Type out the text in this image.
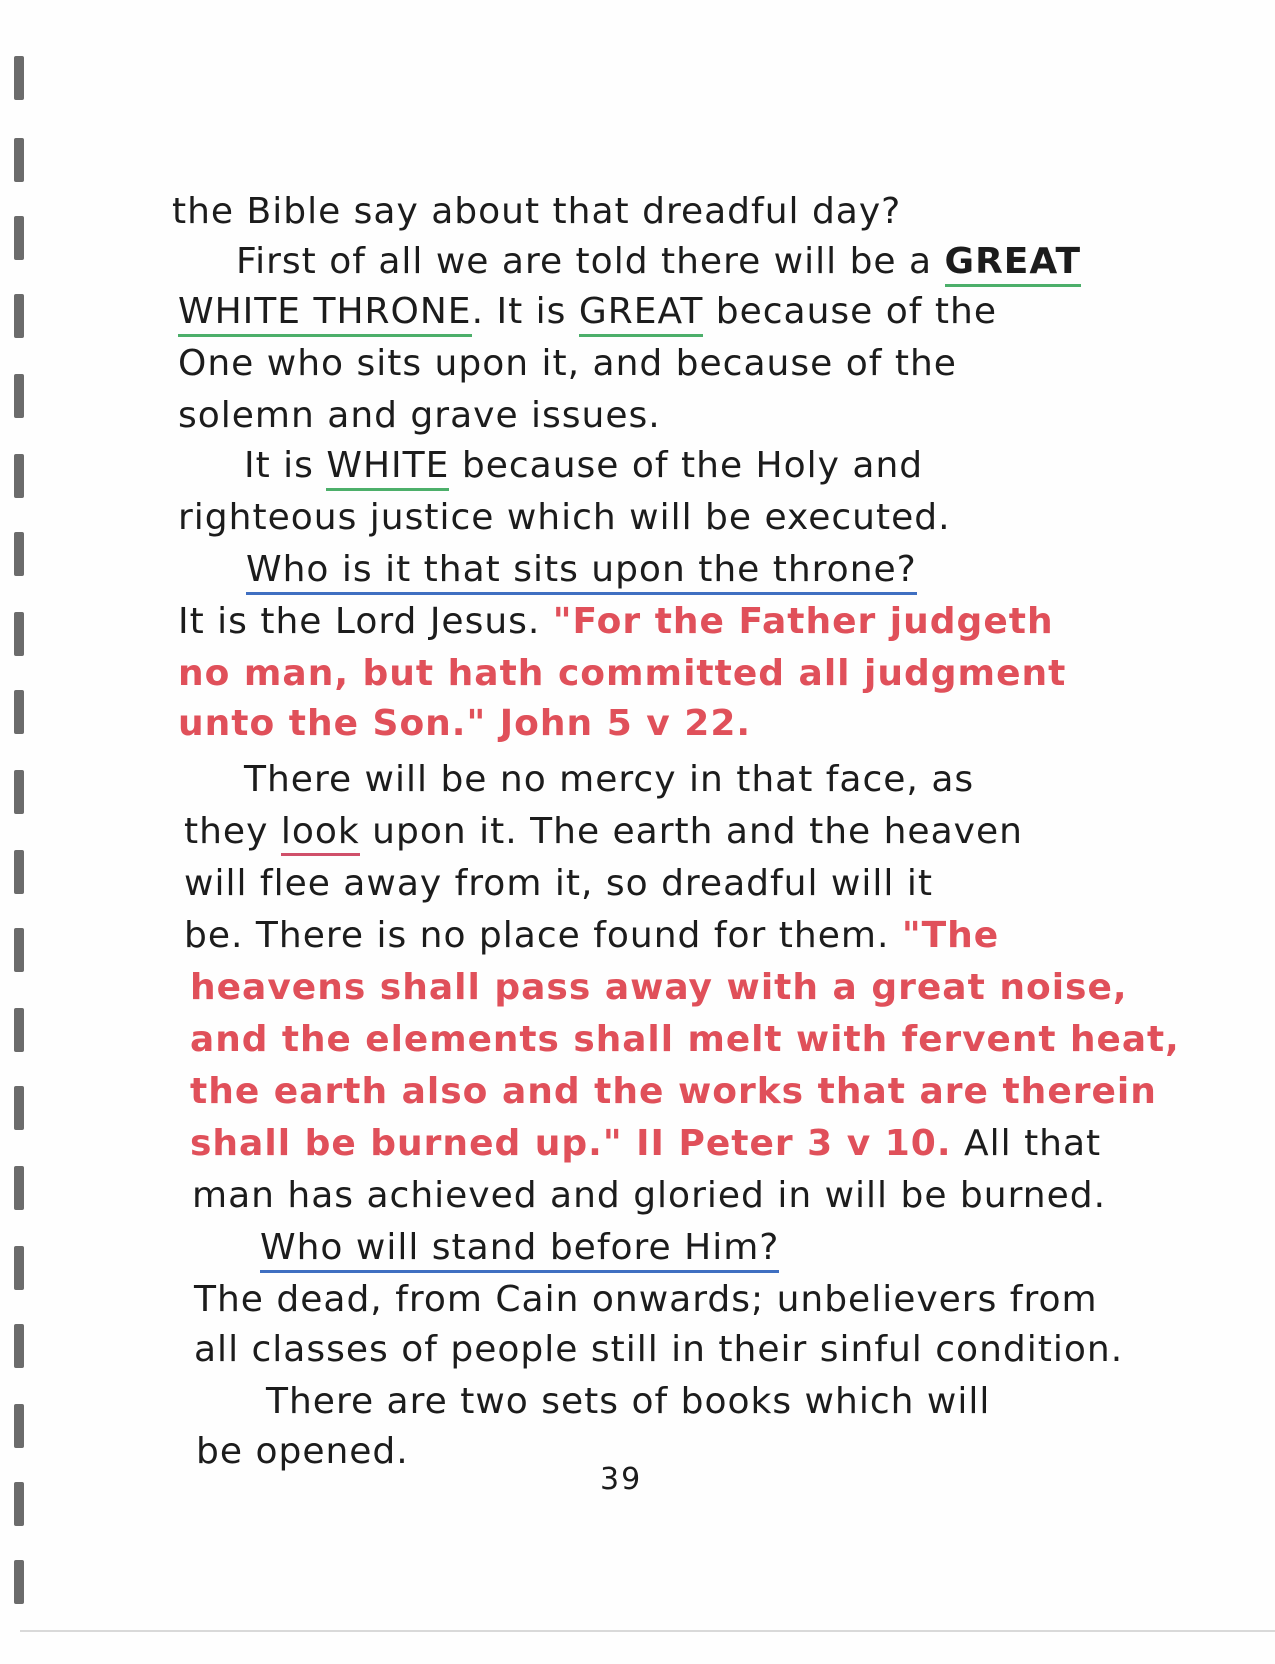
the Bible say about that dreadful day?
First of all we are told there will be a GREAT
WHITE THRONE. It is GREAT because of the
One who sits upon it, and because of the
solemn and grave issues.
It is WHITE because of the Holy and
righteous justice which will be executed.
Who is it that sits upon the throne?
It is the Lord Jesus. "For the Father judgeth
no man, but hath committed all judgment
unto the Son." John 5 v 22.
There will be no mercy in that face, as
they look upon it. The earth and the heaven
will flee away from it, so dreadful will it
be. There is no place found for them. "The
heavens shall pass away with a great noise,
and the elements shall melt with fervent heat,
the earth also and the works that are therein
shall be burned up." II Peter 3 v 10. All that
man has achieved and gloried in will be burned.
Who will stand before Him?
The dead, from Cain onwards; unbelievers from
all classes of people still in their sinful condition.
There are two sets of books which will
be opened.
39
